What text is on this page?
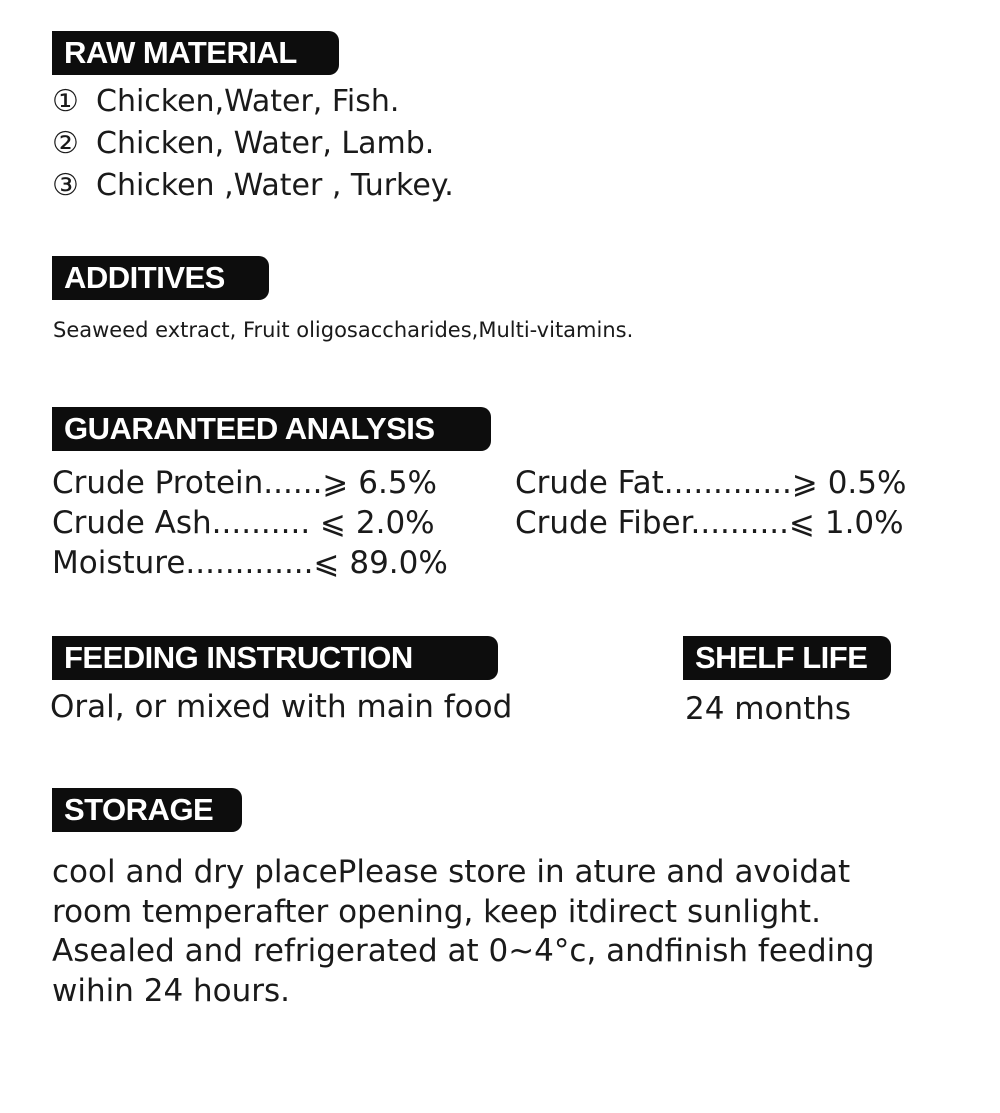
RAW MATERIAL
① Chicken,Water, Fish.
② Chicken, Water, Lamb.
③ Chicken ,Water , Turkey.
ADDITIVES
Seaweed extract, Fruit oligosaccharides,Multi-vitamins.
GUARANTEED ANALYSIS
Crude Protein......⩾ 6.5%
Crude Ash.......... ⩽ 2.0%
Moisture.............⩽ 89.0%
Crude Fat.............⩾ 0.5%
Crude Fiber..........⩽ 1.0%
FEEDING INSTRUCTION
Oral, or mixed with main food
SHELF LIFE
24 months
STORAGE
cool and dry placePlease store in ature and avoidat
room temperafter opening, keep itdirect sunlight.
Asealed and refrigerated at 0~4°c, andfinish feeding
wihin 24 hours.
